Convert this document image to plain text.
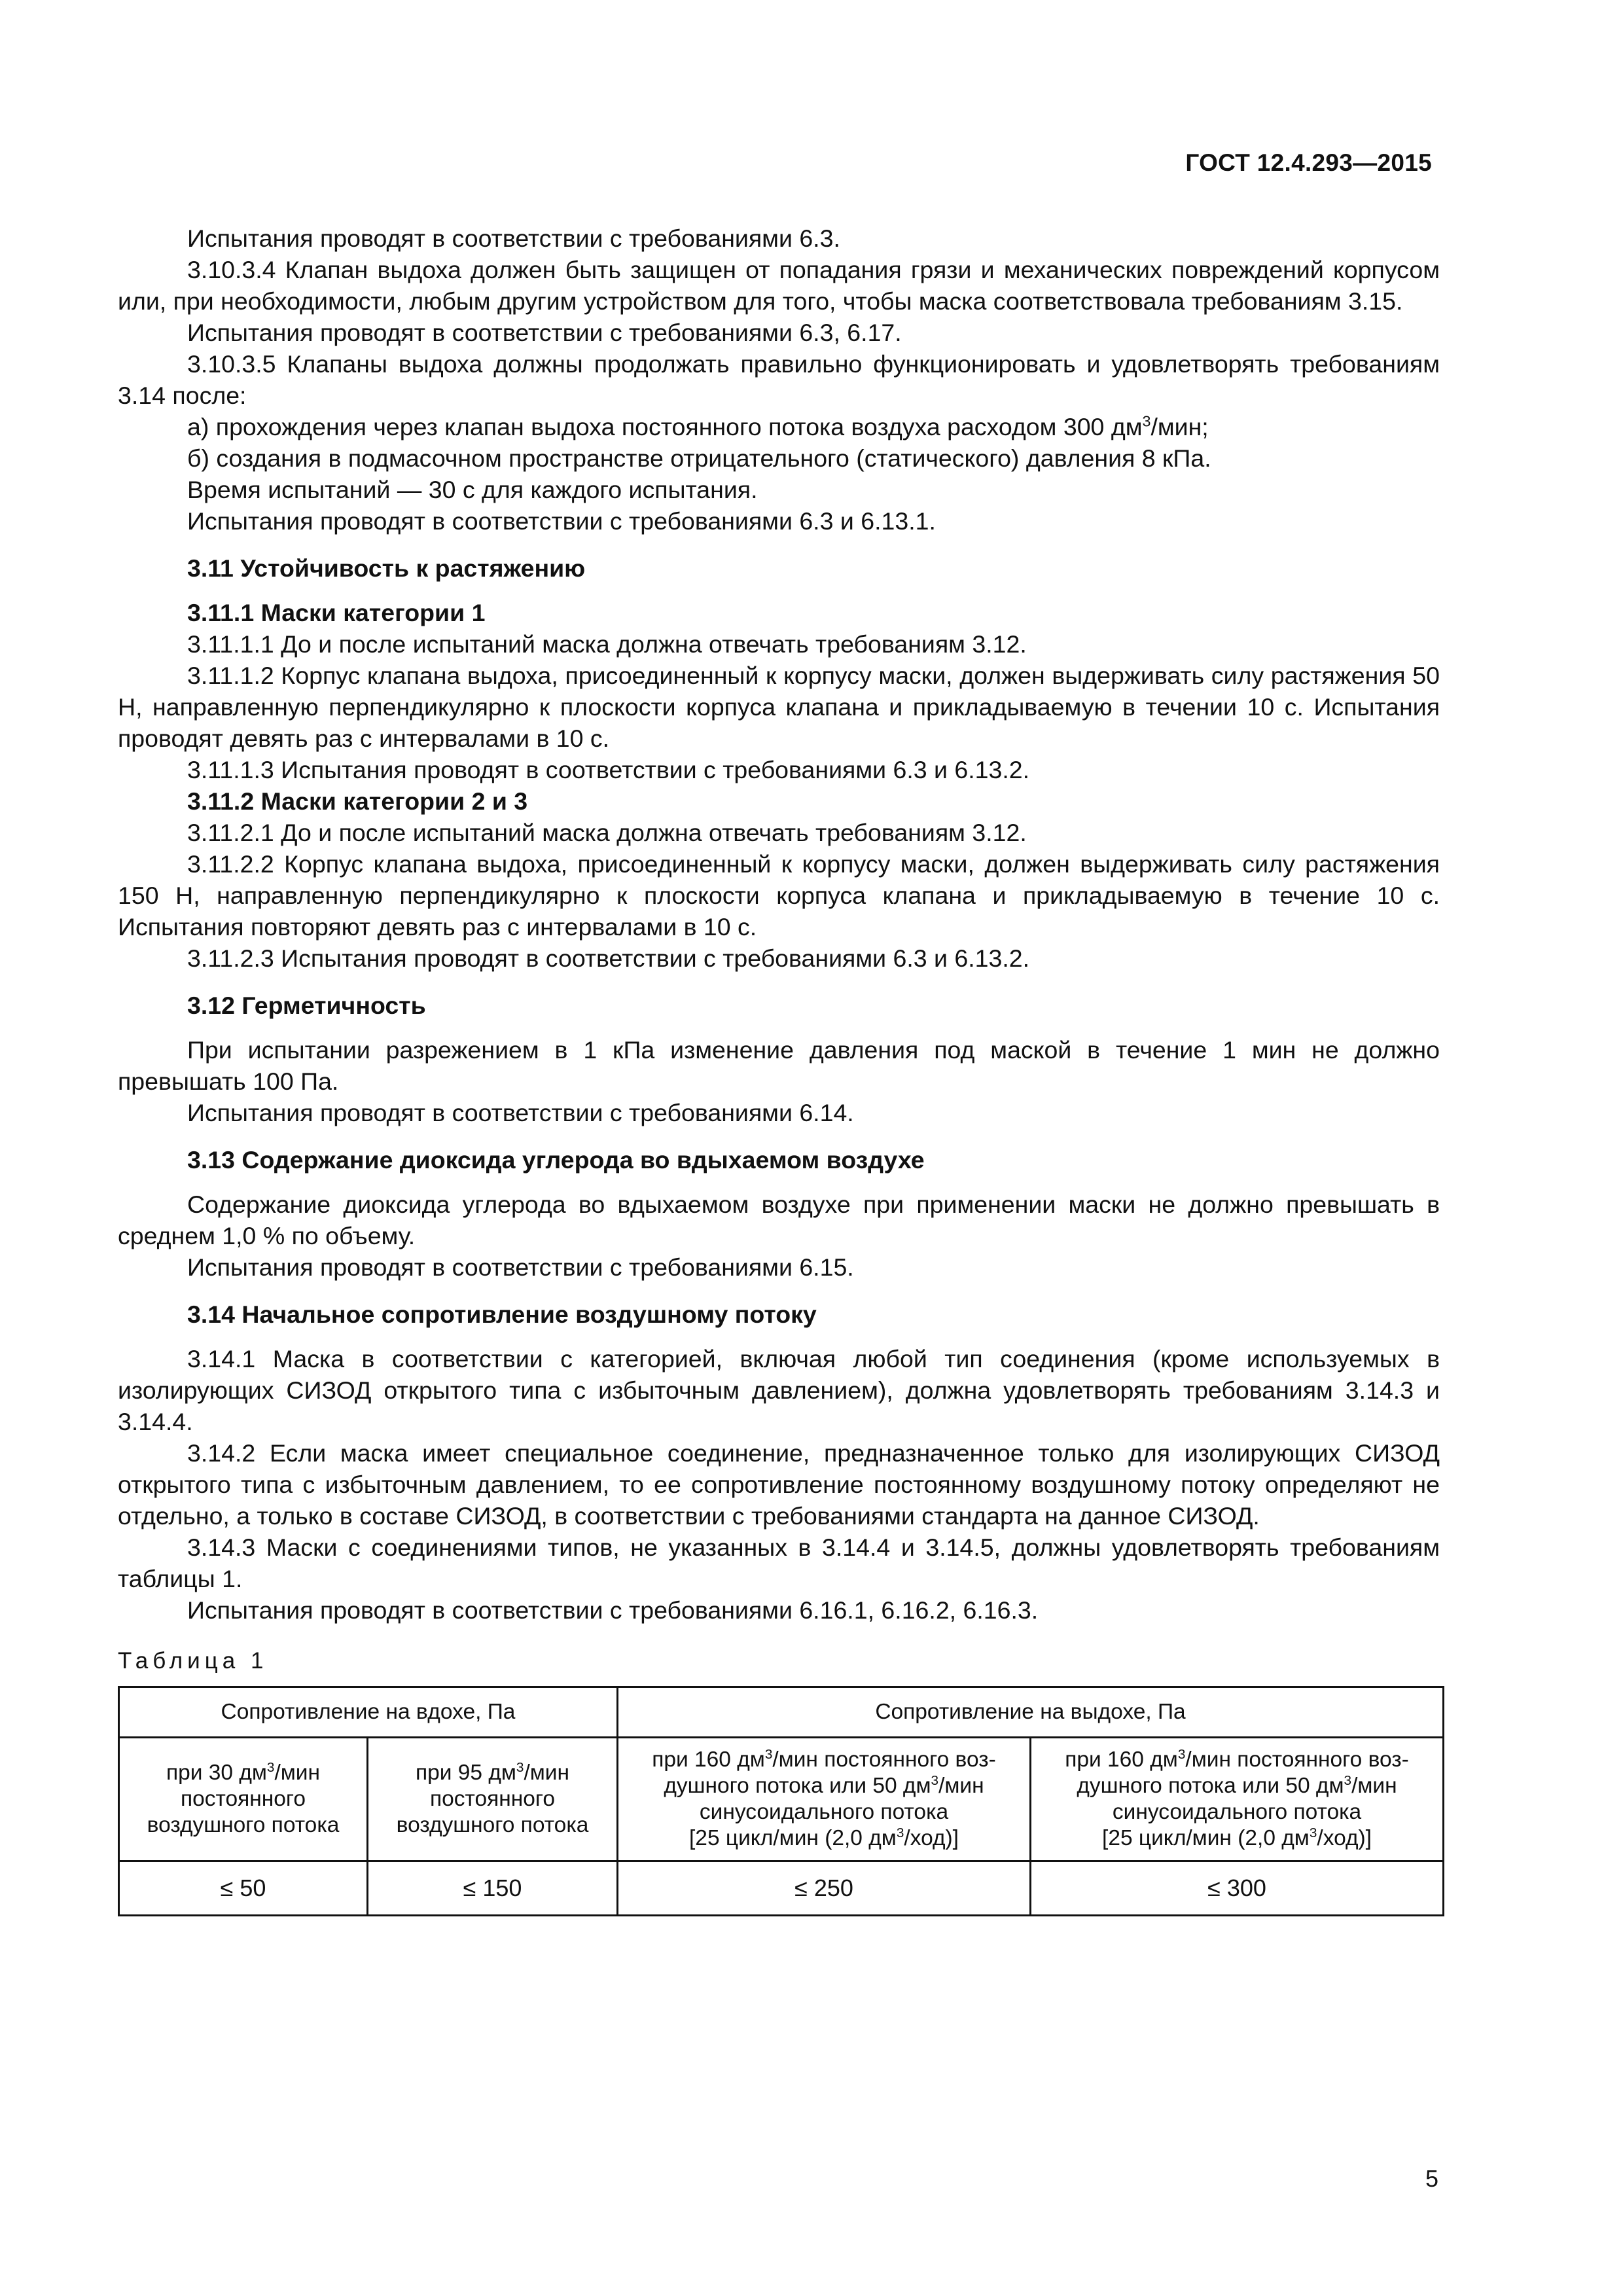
ГОСТ 12.4.293—2015

Испытания проводят в соответствии с требованиями 6.3.

3.10.3.4 Клапан выдоха должен быть защищен от попадания грязи и механических повреждений корпусом или, при необходимости, любым другим устройством для того, чтобы маска соответствовала требованиям 3.15.

Испытания проводят в соответствии с требованиями 6.3, 6.17.

3.10.3.5 Клапаны выдоха должны продолжать правильно функционировать и удовлетворять требованиям 3.14 после:

а) прохождения через клапан выдоха постоянного потока воздуха расходом 300 $дм^3$/мин;

б) создания в подмасочном пространстве отрицательного (статического) давления 8 кПа.

Время испытаний — 30 с для каждого испытания.

Испытания проводят в соответствии с требованиями 6.3 и 6.13.1.

3.11 Устойчивость к растяжению

3.11.1 Маски категории 1

3.11.1.1 До и после испытаний маска должна отвечать требованиям 3.12.

3.11.1.2 Корпус клапана выдоха, присоединенный к корпусу маски, должен выдерживать силу растяжения 50 Н, направленную перпендикулярно к плоскости корпуса клапана и прикладываемую в течении 10 с. Испытания проводят девять раз с интервалами в 10 с.

3.11.1.3 Испытания проводят в соответствии с требованиями 6.3 и 6.13.2.

3.11.2 Маски категории 2 и 3

3.11.2.1 До и после испытаний маска должна отвечать требованиям 3.12.

3.11.2.2 Корпус клапана выдоха, присоединенный к корпусу маски, должен выдерживать силу растяжения 150 Н, направленную перпендикулярно к плоскости корпуса клапана и прикладываемую в течение 10 с. Испытания повторяют девять раз с интервалами в 10 с.

3.11.2.3 Испытания проводят в соответствии с требованиями 6.3 и 6.13.2.

3.12 Герметичность

При испытании разрежением в 1 кПа изменение давления под маской в течение 1 мин не должно превышать 100 Па.

Испытания проводят в соответствии с требованиями 6.14.

3.13 Содержание диоксида углерода во вдыхаемом воздухе

Содержание диоксида углерода во вдыхаемом воздухе при применении маски не должно превышать в среднем 1,0 % по объему.

Испытания проводят в соответствии с требованиями 6.15.

3.14 Начальное сопротивление воздушному потоку

3.14.1 Маска в соответствии с категорией, включая любой тип соединения (кроме используемых в изолирующих СИЗОД открытого типа с избыточным давлением), должна удовлетворять требованиям 3.14.3 и 3.14.4.

3.14.2 Если маска имеет специальное соединение, предназначенное только для изолирующих СИЗОД открытого типа с избыточным давлением, то ее сопротивление постоянному воздушному потоку определяют не отдельно, а только в составе СИЗОД, в соответствии с требованиями стандарта на данное СИЗОД.

3.14.3 Маски с соединениями типов, не указанных в 3.14.4 и 3.14.5, должны удовлетворять требованиям таблицы 1.

Испытания проводят в соответствии с требованиями 6.16.1, 6.16.2, 6.16.3.

Таблица 1
Сопротивление на вдохе, Па		Сопротивление на выдохе, Па	
при 30 $дм^3$/мин
постоянного
воздушного потока	при 95 $дм^3$/мин
постоянного
воздушного потока	при 160 $дм^3$/мин постоянного воз-
душного потока или 50 $дм^3$/мин
синусоидального потока
[25 цикл/мин (2,0 $дм^3/ход$)]	при 160 $дм^3$/мин постоянного воз-
душного потока или 50 $дм^3$/мин
синусоидального потока
[25 цикл/мин (2,0 $дм^3/ход$)]
≤ 50	≤ 150	≤ 250	≤ 300
5
